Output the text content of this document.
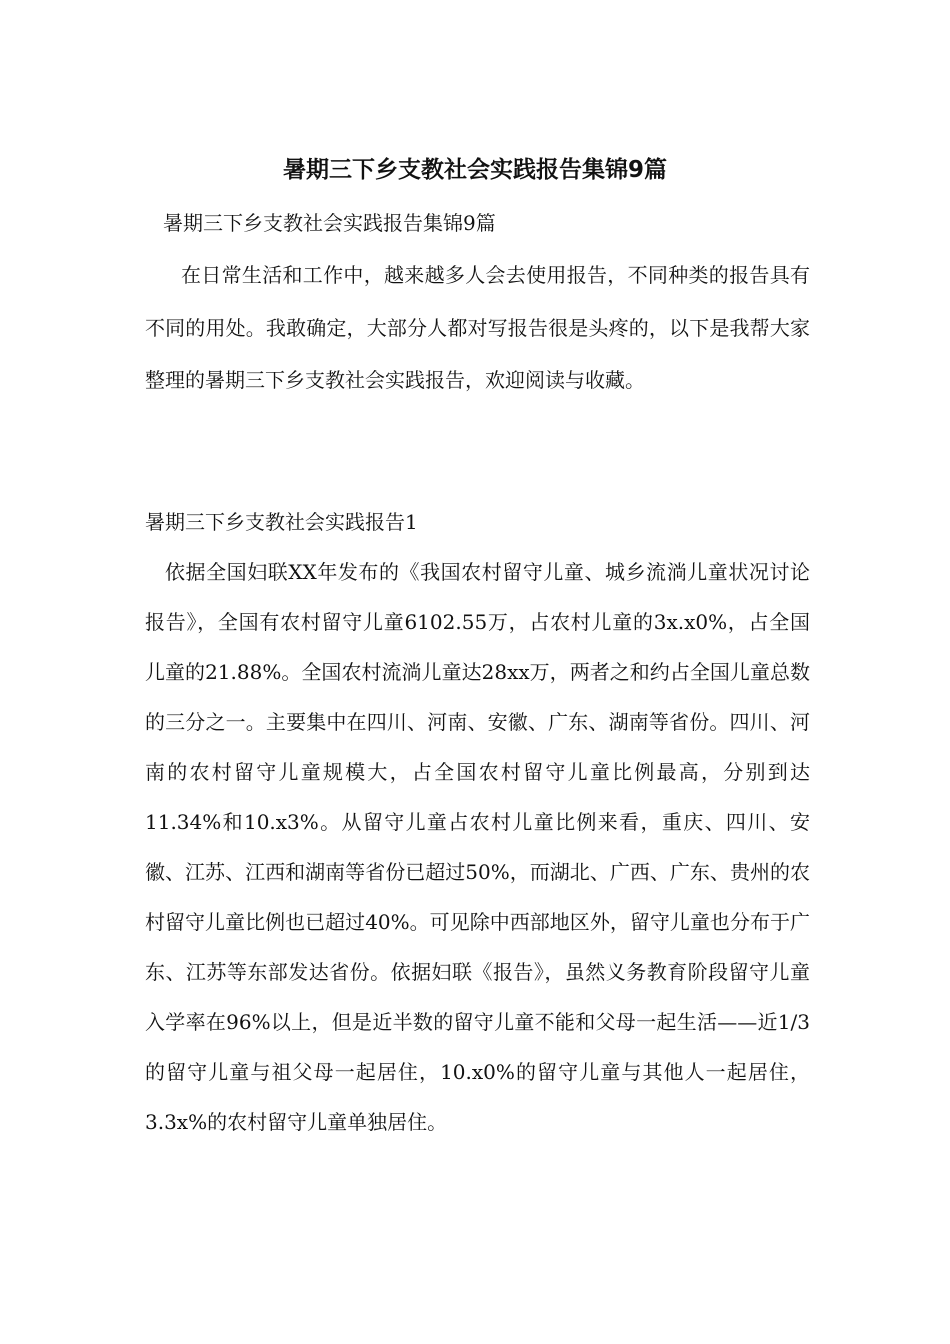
暑期三下乡支教社会实践报告集锦9篇

暑期三下乡支教社会实践报告集锦9篇

在日常生活和工作中，越来越多人会去使用报告，不同种类的报告具有不同的用处。我敢确定，大部分人都对写报告很是头疼的，以下是我帮大家整理的暑期三下乡支教社会实践报告，欢迎阅读与收藏。

暑期三下乡支教社会实践报告1

依据全国妇联XX年发布的《我国农村留守儿童、城乡流淌儿童状况讨论报告》，全国有农村留守儿童6102.55万，占农村儿童的3x.x0%，占全国儿童的21.88%。全国农村流淌儿童达28xx万，两者之和约占全国儿童总数的三分之一。主要集中在四川、河南、安徽、广东、湖南等省份。四川、河南的农村留守儿童规模大，占全国农村留守儿童比例最高，分别到达11.34%和10.x3%。从留守儿童占农村儿童比例来看，重庆、四川、安徽、江苏、江西和湖南等省份已超过50%，而湖北、广西、广东、贵州的农村留守儿童比例也已超过40%。可见除中西部地区外，留守儿童也分布于广东、江苏等东部发达省份。依据妇联《报告》，虽然义务教育阶段留守儿童入学率在96%以上，但是近半数的留守儿童不能和父母一起生活——近1/3的留守儿童与祖父母一起居住，10.x0%的留守儿童与其他人一起居住，3.3x%的农村留守儿童单独居住。
